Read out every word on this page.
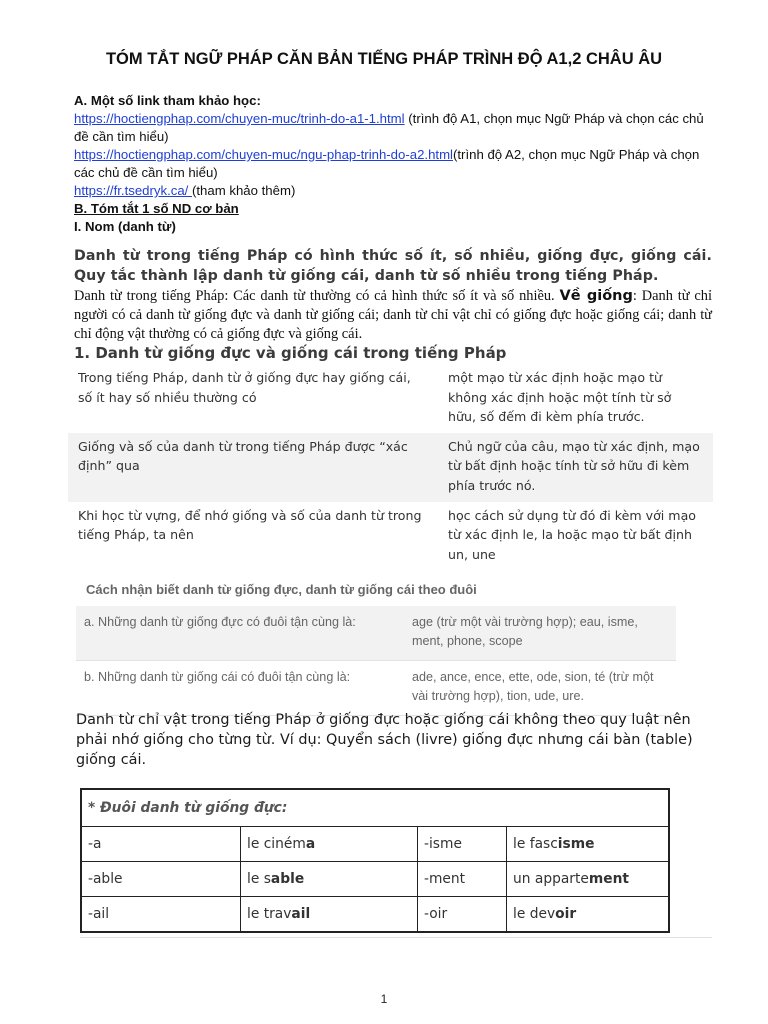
TÓM TẮT NGỮ PHÁP CĂN BẢN TIẾNG PHÁP TRÌNH ĐỘ A1,2 CHÂU ÂU
A. Một số link tham khảo học:
https://hoctiengphap.com/chuyen-muc/trinh-do-a1-1.html (trình độ A1, chọn mục Ngữ Pháp và chọn các chủ đề cần tìm hiểu)
https://hoctiengphap.com/chuyen-muc/ngu-phap-trinh-do-a2.html(trình độ A2, chọn mục Ngữ Pháp và chọn các chủ đề cần tìm hiểu)
https://fr.tsedryk.ca/ (tham khảo thêm)
B. Tóm tắt 1 số ND cơ bản
I. Nom (danh từ)
Danh từ trong tiếng Pháp có hình thức số ít, số nhiều, giống đực, giống cái. Quy tắc thành lập danh từ giống cái, danh từ số nhiều trong tiếng Pháp.
Danh từ trong tiếng Pháp: Các danh từ thường có cả hình thức số ít và số nhiều. Về giống: Danh từ chỉ người có cả danh từ giống đực và danh từ giống cái; danh từ chỉ vật chỉ có giống đực hoặc giống cái; danh từ chỉ động vật thường có cả giống đực và giống cái.
1. Danh từ giống đực và giống cái trong tiếng Pháp
Trong tiếng Pháp, danh từ ở giống đực hay giống cái, số ít hay số nhiều thường có	một mạo từ xác định hoặc mạo từ không xác định hoặc một tính từ sở hữu, số đếm đi kèm phía trước.
Giống và số của danh từ trong tiếng Pháp được “xác định” qua	Chủ ngữ của câu, mạo từ xác định, mạo từ bất định hoặc tính từ sở hữu đi kèm phía trước nó.
Khi học từ vựng, để nhớ giống và số của danh từ trong tiếng Pháp, ta nên	học cách sử dụng từ đó đi kèm với mạo từ xác định le, la hoặc mạo từ bất định un, une
Cách nhận biết danh từ giống đực, danh từ giống cái theo đuôi	
a. Những danh từ giống đực có đuôi tận cùng là:	age (trừ một vài trường hợp); eau, isme, ment, phone, scope
b. Những danh từ giống cái có đuôi tận cùng là:	ade, ance, ence, ette, ode, sion, té (trừ một vài trường hợp), tion, ude, ure.
Danh từ chỉ vật trong tiếng Pháp ở giống đực hoặc giống cái không theo quy luật nên phải nhớ giống cho từng từ. Ví dụ: Quyển sách (livre) giống đực nhưng cái bàn (table) giống cái.
* Đuôi danh từ giống đực:			
-a	le cinéma	-isme	le fascisme
-able	le sable	-ment	un appartement
-ail	le travail	-oir	le devoir
1
